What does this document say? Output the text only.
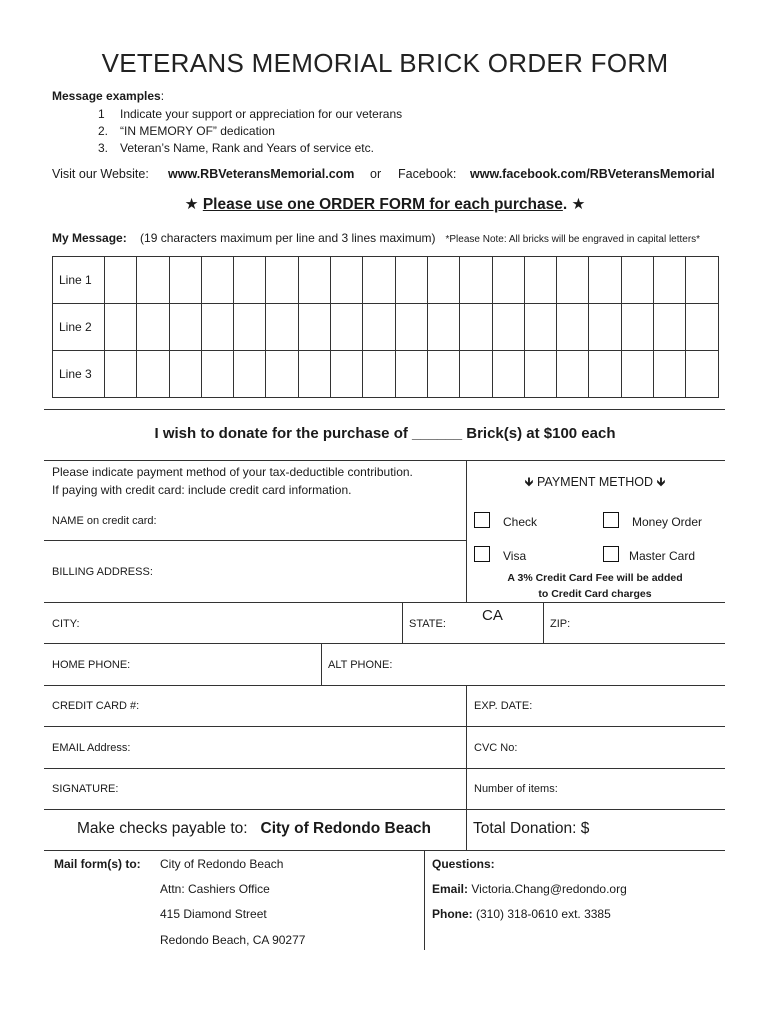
VETERANS MEMORIAL BRICK ORDER FORM
Message examples:
1 Indicate your support or appreciation for our veterans
2. “IN MEMORY OF” dedication
3. Veteran’s Name, Rank and Years of service etc.
Visit our Website: www.RBVeteransMemorial.com or Facebook: www.facebook.com/RBVeteransMemorial
★ Please use one ORDER FORM for each purchase. ★
My Message: (19 characters maximum per line and 3 lines maximum) *Please Note: All bricks will be engraved in capital letters*
Line 1																			
Line 2																			
Line 3																			
I wish to donate for the purchase of ______ Brick(s) at $100 each
Please indicate payment method of your tax-deductible contribution.
If paying with credit card: include credit card information.
🡻 PAYMENT METHOD 🡻
Check	Money Order
Visa	Master Card
A 3% Credit Card Fee will be added
to Credit Card charges
NAME on credit card:
BILLING ADDRESS:
CITY:	STATE: CA	ZIP:
HOME PHONE:	ALT PHONE:
CREDIT CARD #:	EXP. DATE:
EMAIL Address:	CVC No:
SIGNATURE:	Number of items:
Make checks payable to: City of Redondo Beach	Total Donation: $
Mail form(s) to: City of Redondo Beach
Attn: Cashiers Office
415 Diamond Street
Redondo Beach, CA 90277
Questions:
Email: Victoria.Chang@redondo.org
Phone: (310) 318-0610 ext. 3385
